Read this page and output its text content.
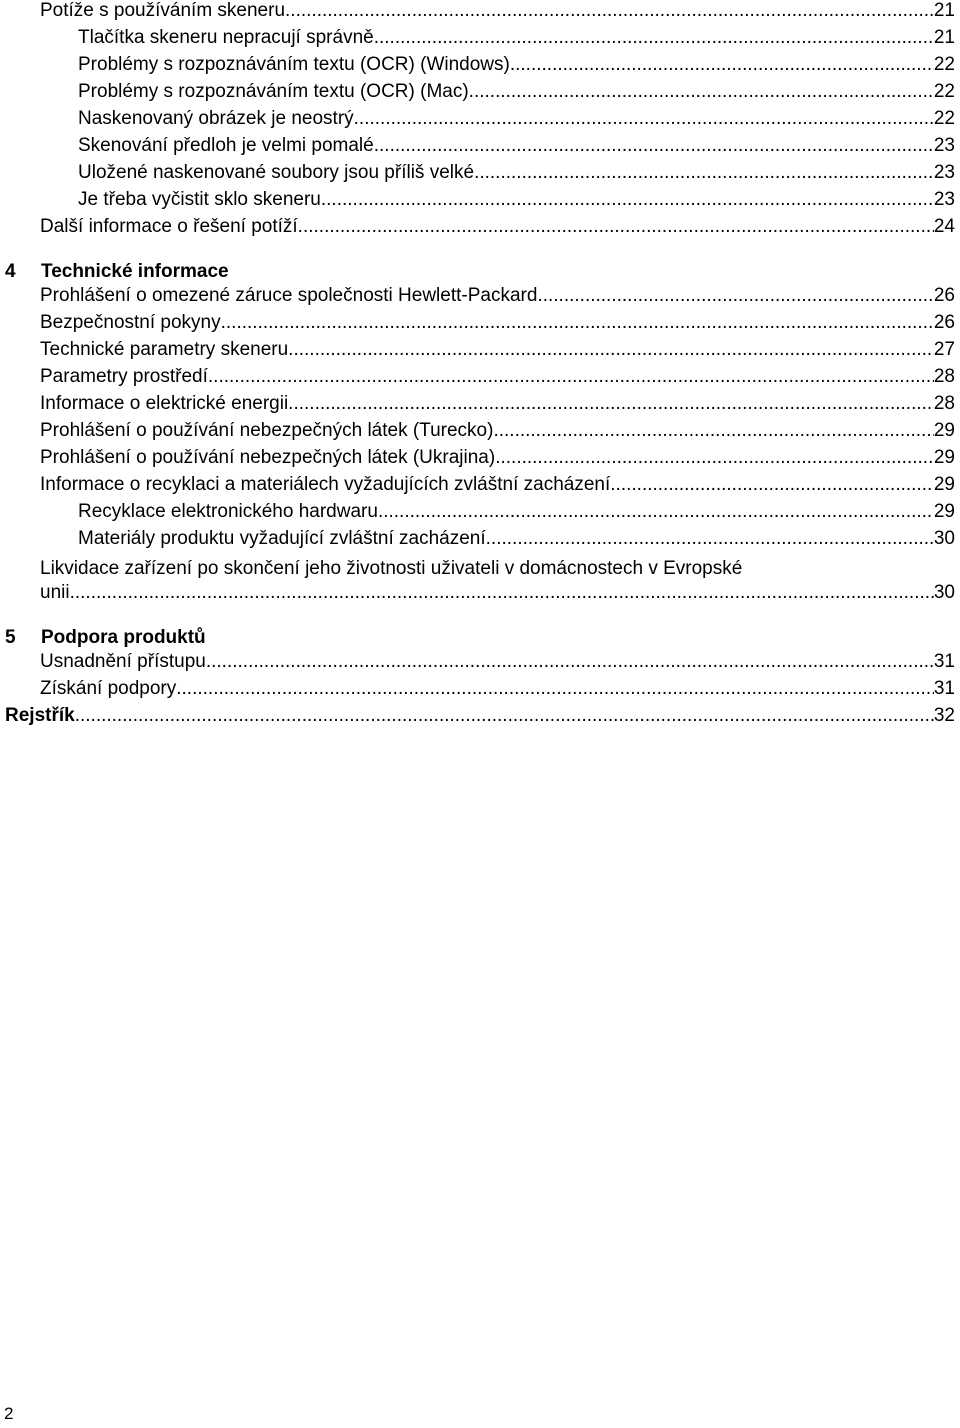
Potíže s používáním skeneru .....	21
Tlačítka skeneru nepracují správně .....	21
Problémy s rozpoznáváním textu (OCR) (Windows) .....	22
Problémy s rozpoznáváním textu (OCR) (Mac) .....	22
Naskenovaný obrázek je neostrý .....	22
Skenování předloh je velmi pomalé .....	23
Uložené naskenované soubory jsou příliš velké .....	23
Je třeba vyčistit sklo skeneru .....	23
Další informace o řešení potíží .....	24
4 Technické informace
Prohlášení o omezené záruce společnosti Hewlett-Packard .....	26
Bezpečnostní pokyny .....	26
Technické parametry skeneru .....	27
Parametry prostředí .....	28
Informace o elektrické energii .....	28
Prohlášení o používání nebezpečných látek (Turecko) .....	29
Prohlášení o používání nebezpečných látek (Ukrajina) .....	29
Informace o recyklaci a materiálech vyžadujících zvláštní zacházení .....	29
Recyklace elektronického hardwaru .....	29
Materiály produktu vyžadující zvláštní zacházení .....	30
Likvidace zařízení po skončení jeho životnosti uživateli v domácnostech v Evropské
unii .....	30
5 Podpora produktů
Usnadnění přístupu .....	31
Získání podpory .....	31
Rejstřík .....	32
2
